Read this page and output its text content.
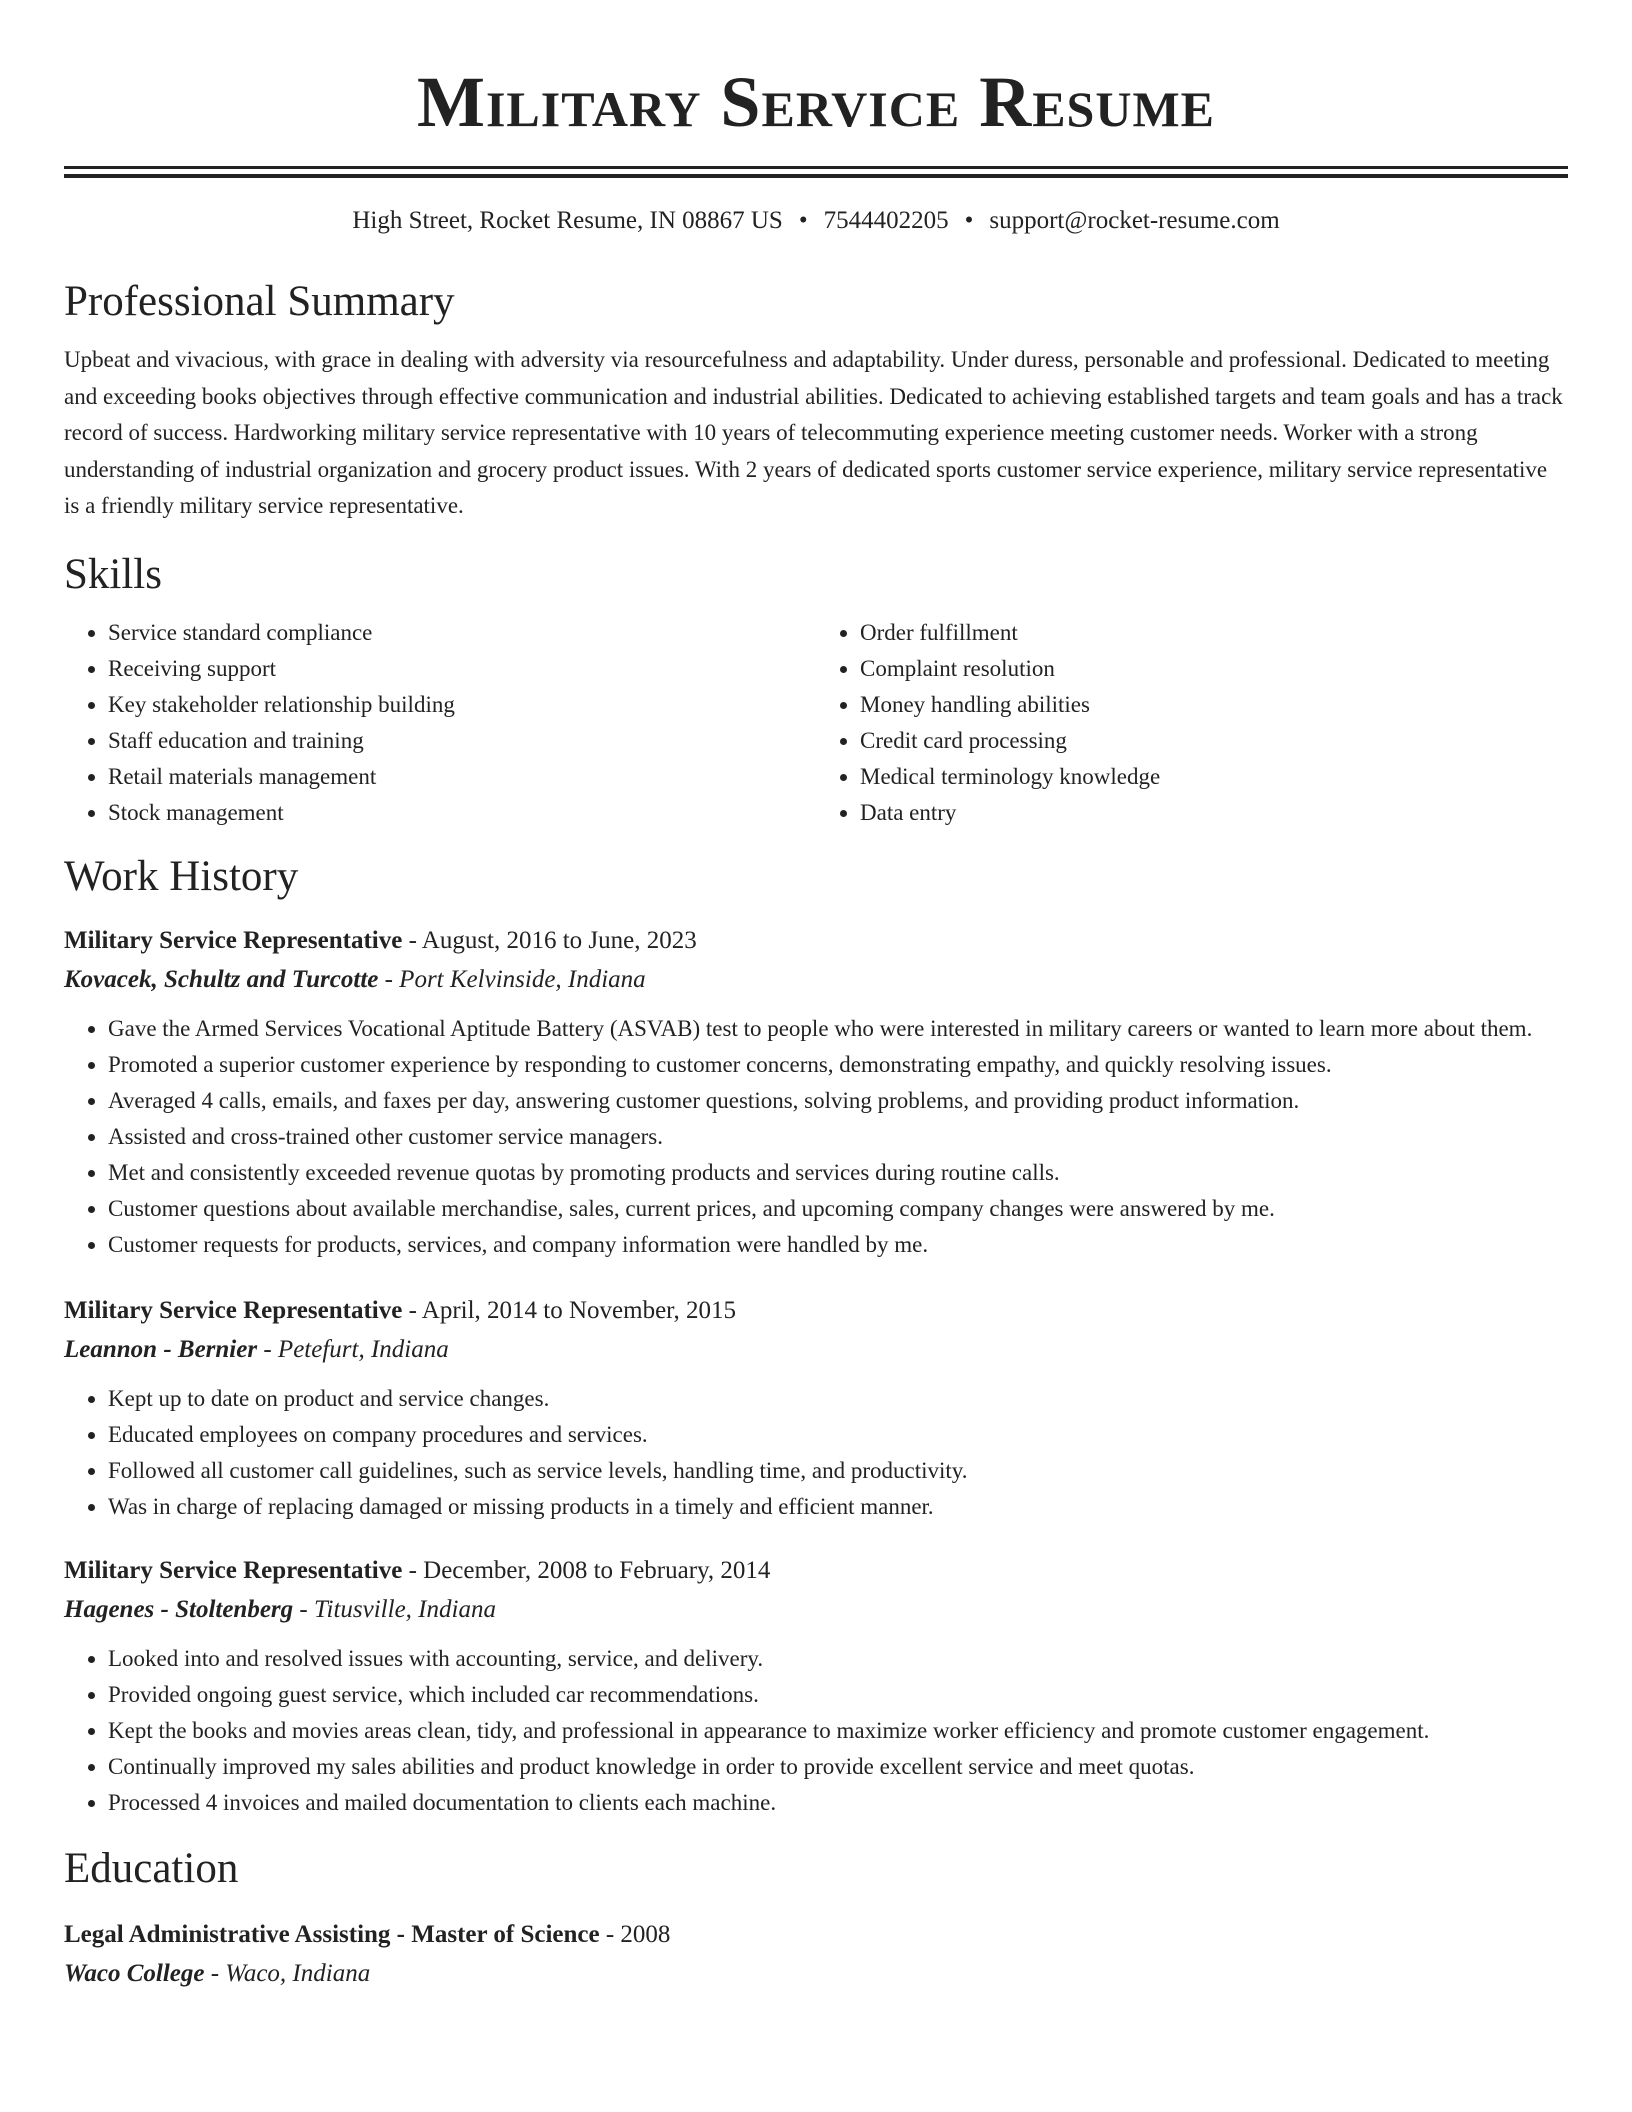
Military Service Resume
High Street, Rocket Resume, IN 08867 US • 7544402205 • support@rocket-resume.com
Professional Summary

Upbeat and vivacious, with grace in dealing with adversity via resourcefulness and adaptability. Under duress, personable and professional. Dedicated to meeting and exceeding books objectives through effective communication and industrial abilities. Dedicated to achieving established targets and team goals and has a track record of success. Hardworking military service representative with 10 years of telecommuting experience meeting customer needs. Worker with a strong understanding of industrial organization and grocery product issues. With 2 years of dedicated sports customer service experience, military service representative is a friendly military service representative.

Skills
• Service standard compliance
• Receiving support
• Key stakeholder relationship building
• Staff education and training
• Retail materials management
• Stock management
• Order fulfillment
• Complaint resolution
• Money handling abilities
• Credit card processing
• Medical terminology knowledge
• Data entry
Work History
Military Service Representative - August, 2016 to June, 2023
Kovacek, Schultz and Turcotte - Port Kelvinside, Indiana
• Gave the Armed Services Vocational Aptitude Battery (ASVAB) test to people who were interested in military careers or wanted to learn more about them.
• Promoted a superior customer experience by responding to customer concerns, demonstrating empathy, and quickly resolving issues.
• Averaged 4 calls, emails, and faxes per day, answering customer questions, solving problems, and providing product information.
• Assisted and cross-trained other customer service managers.
• Met and consistently exceeded revenue quotas by promoting products and services during routine calls.
• Customer questions about available merchandise, sales, current prices, and upcoming company changes were answered by me.
• Customer requests for products, services, and company information were handled by me.
Military Service Representative - April, 2014 to November, 2015
Leannon - Bernier - Petefurt, Indiana
• Kept up to date on product and service changes.
• Educated employees on company procedures and services.
• Followed all customer call guidelines, such as service levels, handling time, and productivity.
• Was in charge of replacing damaged or missing products in a timely and efficient manner.
Military Service Representative - December, 2008 to February, 2014
Hagenes - Stoltenberg - Titusville, Indiana
• Looked into and resolved issues with accounting, service, and delivery.
• Provided ongoing guest service, which included car recommendations.
• Kept the books and movies areas clean, tidy, and professional in appearance to maximize worker efficiency and promote customer engagement.
• Continually improved my sales abilities and product knowledge in order to provide excellent service and meet quotas.
• Processed 4 invoices and mailed documentation to clients each machine.
Education
Legal Administrative Assisting - Master of Science - 2008
Waco College - Waco, Indiana
